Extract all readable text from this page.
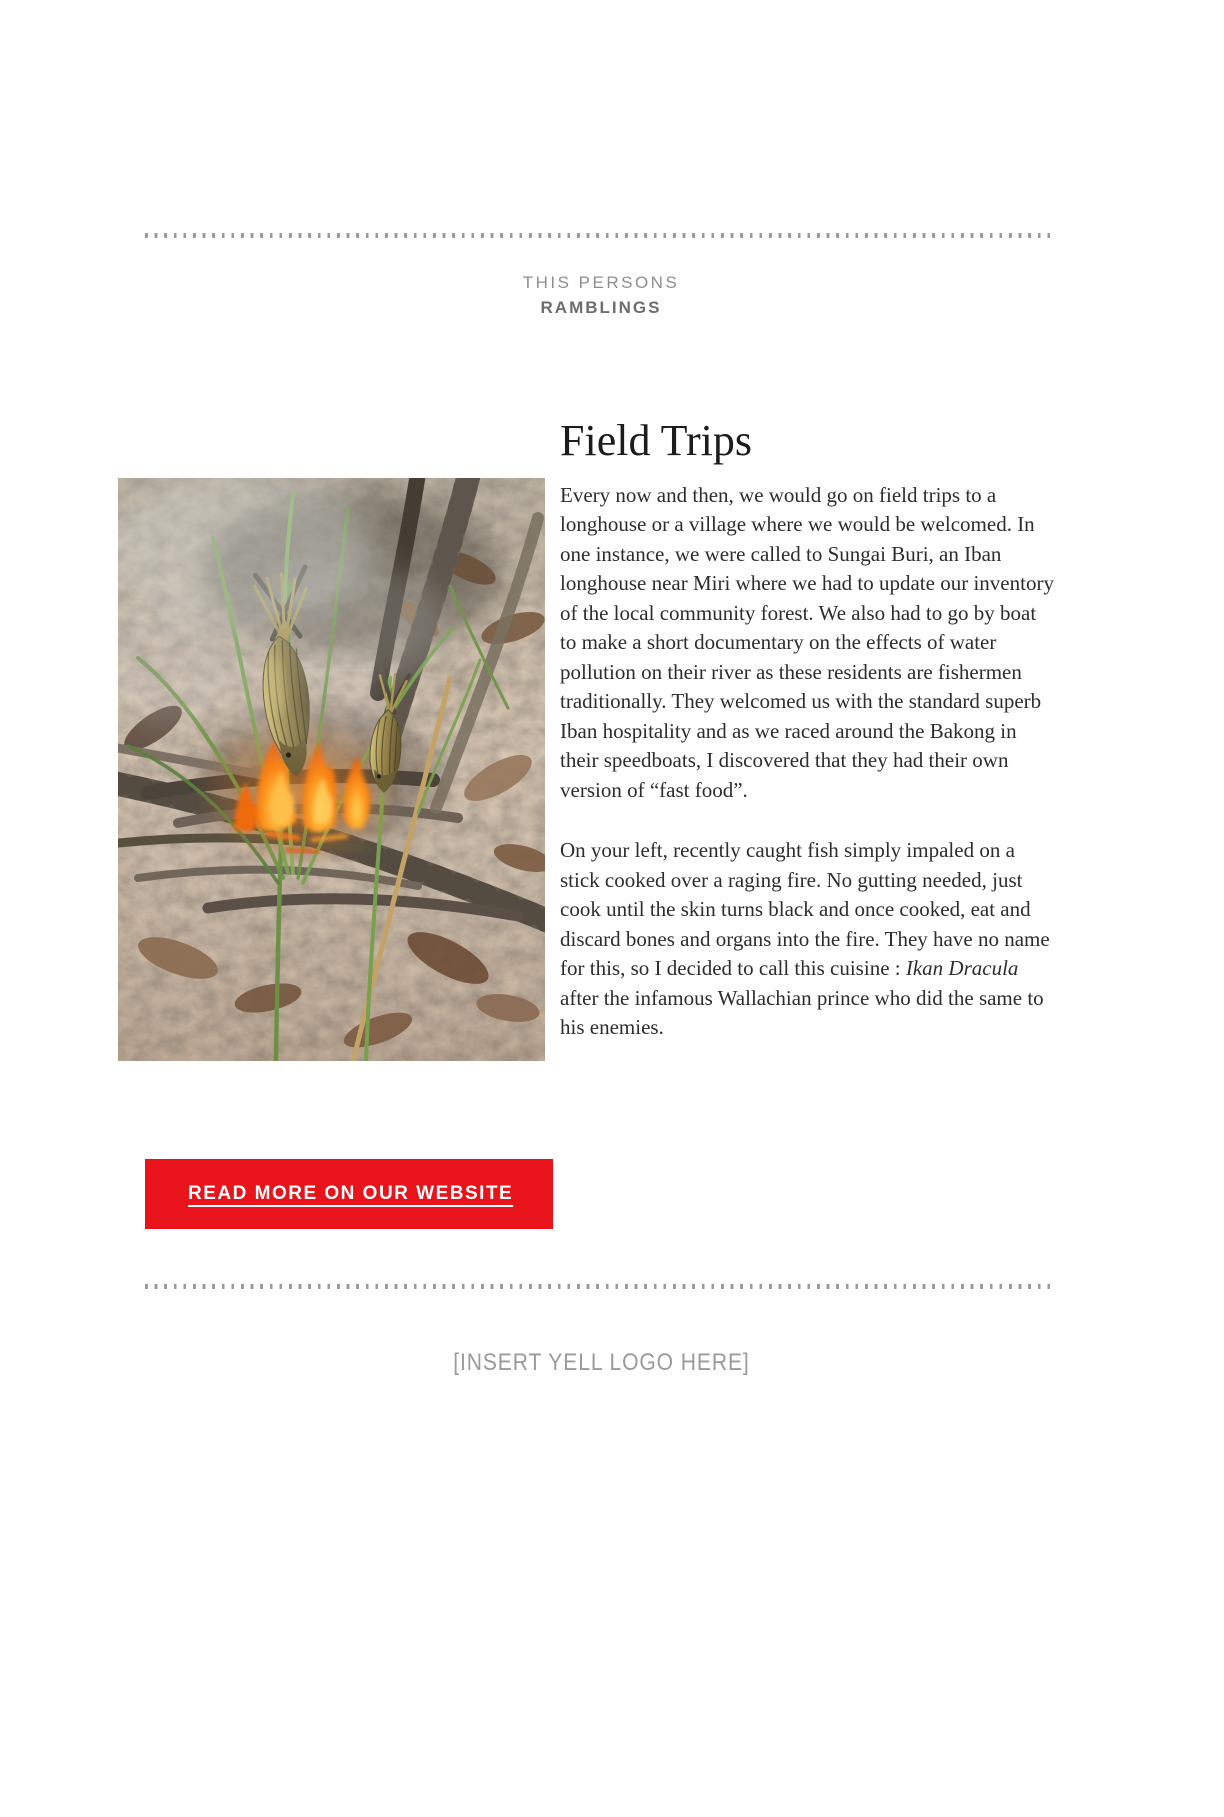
THIS PERSONS
RAMBLINGS
Field Trips

Every now and then, we would go on field trips to a longhouse or a village where we would be welcomed. In one instance, we were called to Sungai Buri, an Iban longhouse near Miri where we had to update our inventory of the local community forest. We also had to go by boat to make a short documentary on the effects of water pollution on their river as these residents are fishermen traditionally. They welcomed us with the standard superb Iban hospitality and as we raced around the Bakong in their speedboats, I discovered that they had their own version of “fast food”.

On your left, recently caught fish simply impaled on a stick cooked over a raging fire. No gutting needed, just cook until the skin turns black and once cooked, eat and discard bones and organs into the fire. They have no name for this, so I decided to call this cuisine : Ikan Dracula after the infamous Wallachian prince who did the same to his enemies.

READ MORE ON OUR WEBSITE
[INSERT YELL LOGO HERE]
